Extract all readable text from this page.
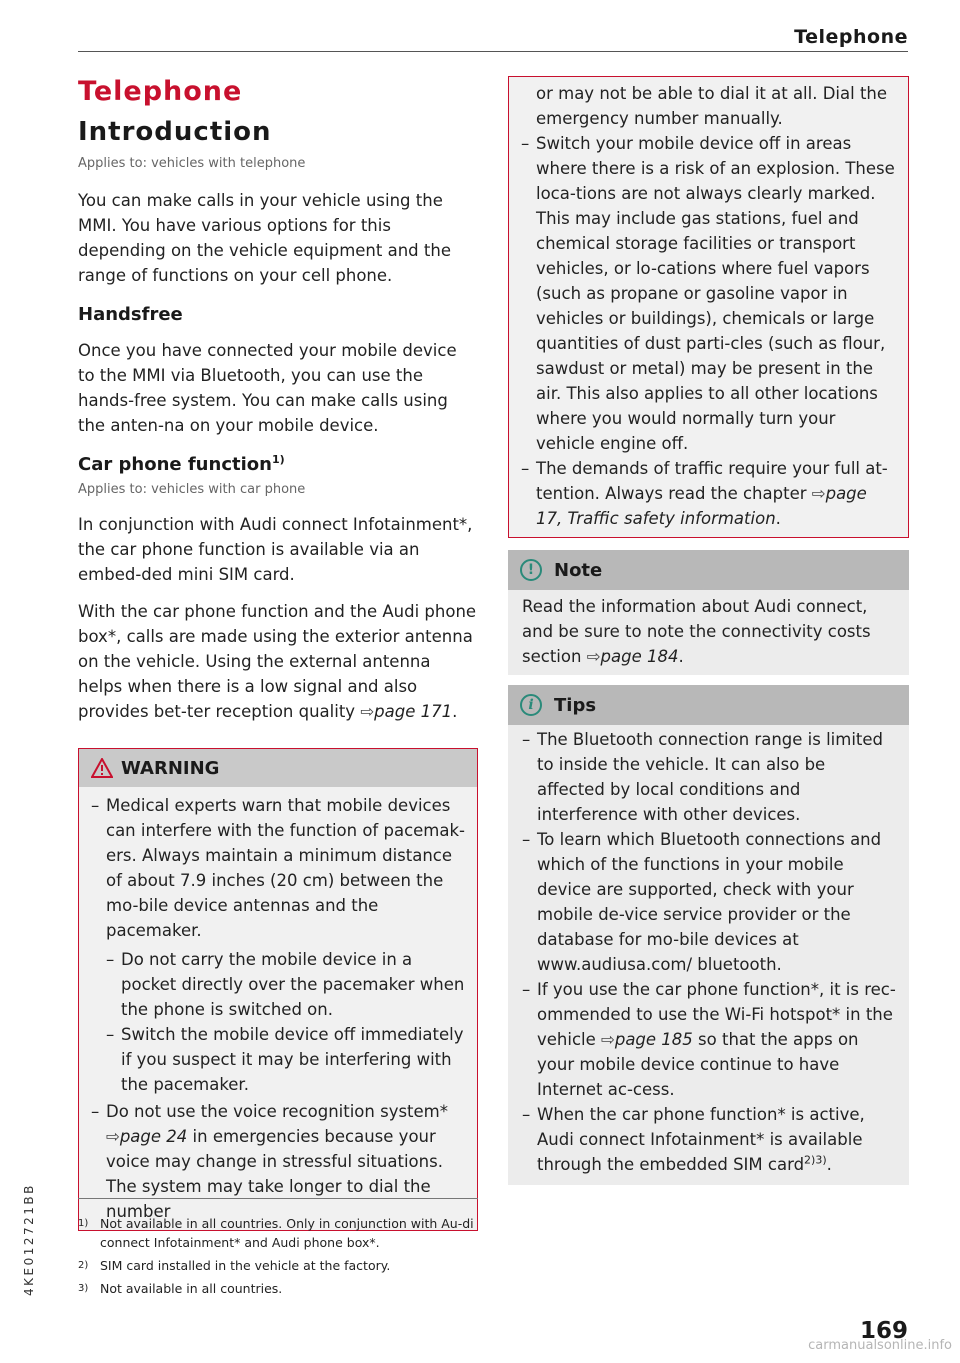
Telephone
Telephone
Introduction
Applies to: vehicles with telephone

You can make calls in your vehicle using the MMI. You have various options for this depending on the vehicle equipment and the range of functions on your cell phone.

Handsfree

Once you have connected your mobile device to the MMI via Bluetooth, you can use the hands-free system. You can make calls using the anten-na on your mobile device.

Car phone function$^{1)}$
Applies to: vehicles with car phone

In conjunction with Audi connect Infotainment*, the car phone function is available via an embed-ded mini SIM card.

With the car phone function and the Audi phone box*, calls are made using the exterior antenna on the vehicle. Using the external antenna helps when there is a low signal and also provides bet-ter reception quality ⇨page 171.

WARNING
– Medical experts warn that mobile devices can interfere with the function of pacemak-ers. Always maintain a minimum distance of about 7.9 inches (20 cm) between the mo-bile device antennas and the pacemaker.
– Do not carry the mobile device in a pocket directly over the pacemaker when the phone is switched on.
– Switch the mobile device off immediately if you suspect it may be interfering with the pacemaker.
– Do not use the voice recognition system* ⇨page 24 in emergencies because your voice may change in stressful situations. The system may take longer to dial the number
or may not be able to dial it at all. Dial the emergency number manually.
– Switch your mobile device off in areas where there is a risk of an explosion. These loca-tions are not always clearly marked. This may include gas stations, fuel and chemical storage facilities or transport vehicles, or lo-cations where fuel vapors (such as propane or gasoline vapor in vehicles or buildings), chemicals or large quantities of dust parti-cles (such as flour, sawdust or metal) may be present in the air. This also applies to all other locations where you would normally turn your vehicle engine off.
– The demands of traffic require your full at-tention. Always read the chapter ⇨page 17, Traffic safety information.
!	Note
Read the information about Audi connect, and be sure to note the connectivity costs section ⇨page 184.
i	Tips
– The Bluetooth connection range is limited to inside the vehicle. It can also be affected by local conditions and interference with other devices.
– To learn which Bluetooth connections and which of the functions in your mobile device are supported, check with your mobile de-vice service provider or the database for mo-bile devices at www.audiusa.com/ bluetooth.
– If you use the car phone function*, it is rec-ommended to use the Wi-Fi hotspot* in the vehicle ⇨page 185 so that the apps on your mobile device continue to have Internet ac-cess.
– When the car phone function* is active, Audi connect Infotainment* is available through the embedded SIM card$^{2)3)}$.
1) Not available in all countries. Only in conjunction with Au-di connect Infotainment* and Audi phone box*.
2) SIM card installed in the vehicle at the factory.
3) Not available in all countries.
4KE012721BB
169
carmanualsonline.info
